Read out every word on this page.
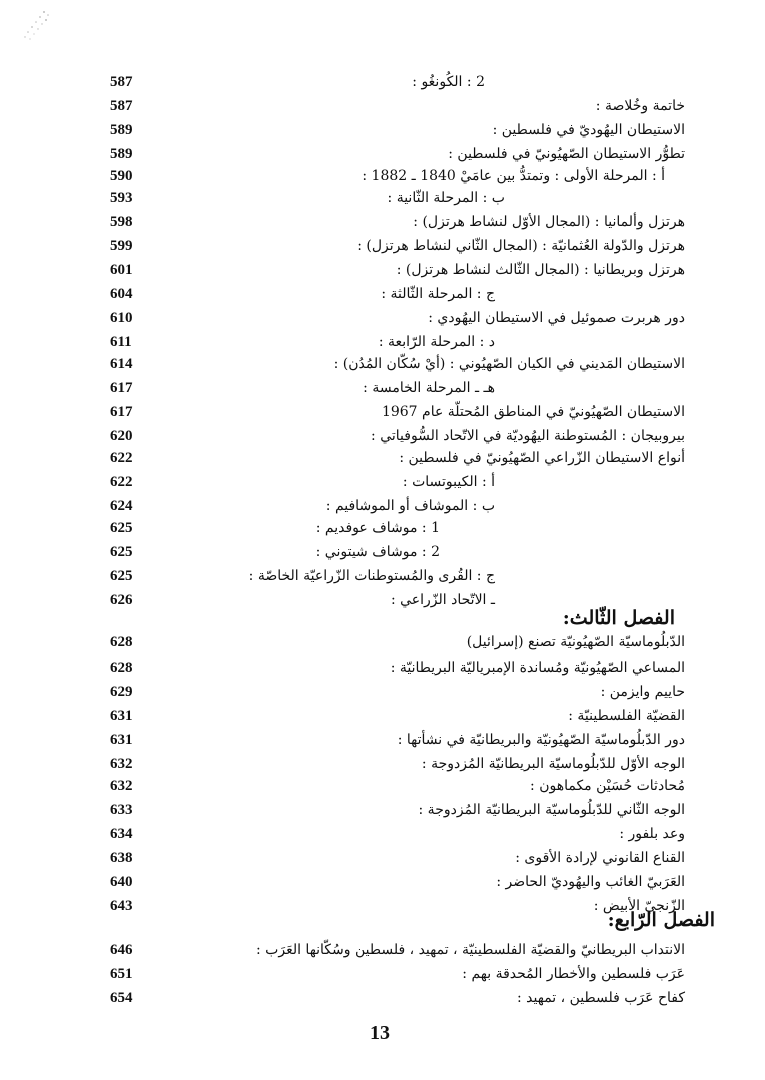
587	2 : الكُونغُو :
587	خاتمة وخُلاصة :
589	الاستيطان اليهُوديّ في فلسطين :
589	تطوُّر الاستيطان الصّهيُونيّ في فلسطين :
590	أ : المرحلة الأولى : وتمتدُّ بين عامَيْ 1840 ـ 1882 :
593	ب : المرحلة الثّانية :
598	هرتزل وألمانيا : (المجال الأوّل لنشاط هرتزل) :
599	هرتزل والدّولة العُثمانيّة : (المجال الثّاني لنشاط هرتزل) :
601	هرتزل وبريطانيا : (المجال الثّالث لنشاط هرتزل) :
604	ج : المرحلة الثّالثة :
610	دور هربرت صموئيل في الاستيطان اليهُودي :
611	د : المرحلة الرّابعة :
614	الاستيطان المَديني في الكيان الصّهيُوني : (أيْ سُكّان المُدُن) :
617	هـ ـ المرحلة الخامسة :
617	الاستيطان الصّهيُونيّ في المناطق المُحتلّة عام 1967
620	بيروبيجان : المُستوطنة اليهُوديّة في الاتّحاد السُّوفياتي :
622	أنواع الاستيطان الزّراعي الصّهيُونيّ في فلسطين :
622	أ : الكيبوتسات :
624	ب : الموشاف أو الموشافيم :
625	1 : موشاف عوفديم :
625	2 : موشاف شيتوني :
625	ج : القُرى والمُستوطنات الزّراعيّة الخاصّة :
626	ـ الاتّحاد الزّراعي :
الفصل الثّالث:
628	الدّبلُوماسيّة الصّهيُونيّة تصنع (إسرائيل)
628	المساعي الصّهيُونيّة ومُساندة الإمبرياليّة البريطانيّة :
629	حاييم وايزمن :
631	القضيّة الفلسطينيّة :
631	دور الدّبلُوماسيّة الصّهيُونيّة والبريطانيّة في نشأتها :
632	الوجه الأوّل للدّبلُوماسيّة البريطانيّة المُزدوجة :
632	مُحادثات حُسَيْن مكماهون :
633	الوجه الثّاني للدّبلُوماسيّة البريطانيّة المُزدوجة :
634	وعد بلفور :
638	القناع القانوني لإرادة الأقوى :
640	العَرَبيّ الغائب واليهُوديّ الحاضر :
643	الزّنجيّ الأبيض :
الفصل الرّابع:
646	الانتداب البريطانيّ والقضيّة الفلسطينيّة ، تمهيد ، فلسطين وسُكّانها العَرَب :
651	عَرَب فلسطين والأخطار المُحدقة بهم :
654	كفاح عَرَب فلسطين ، تمهيد :
13
